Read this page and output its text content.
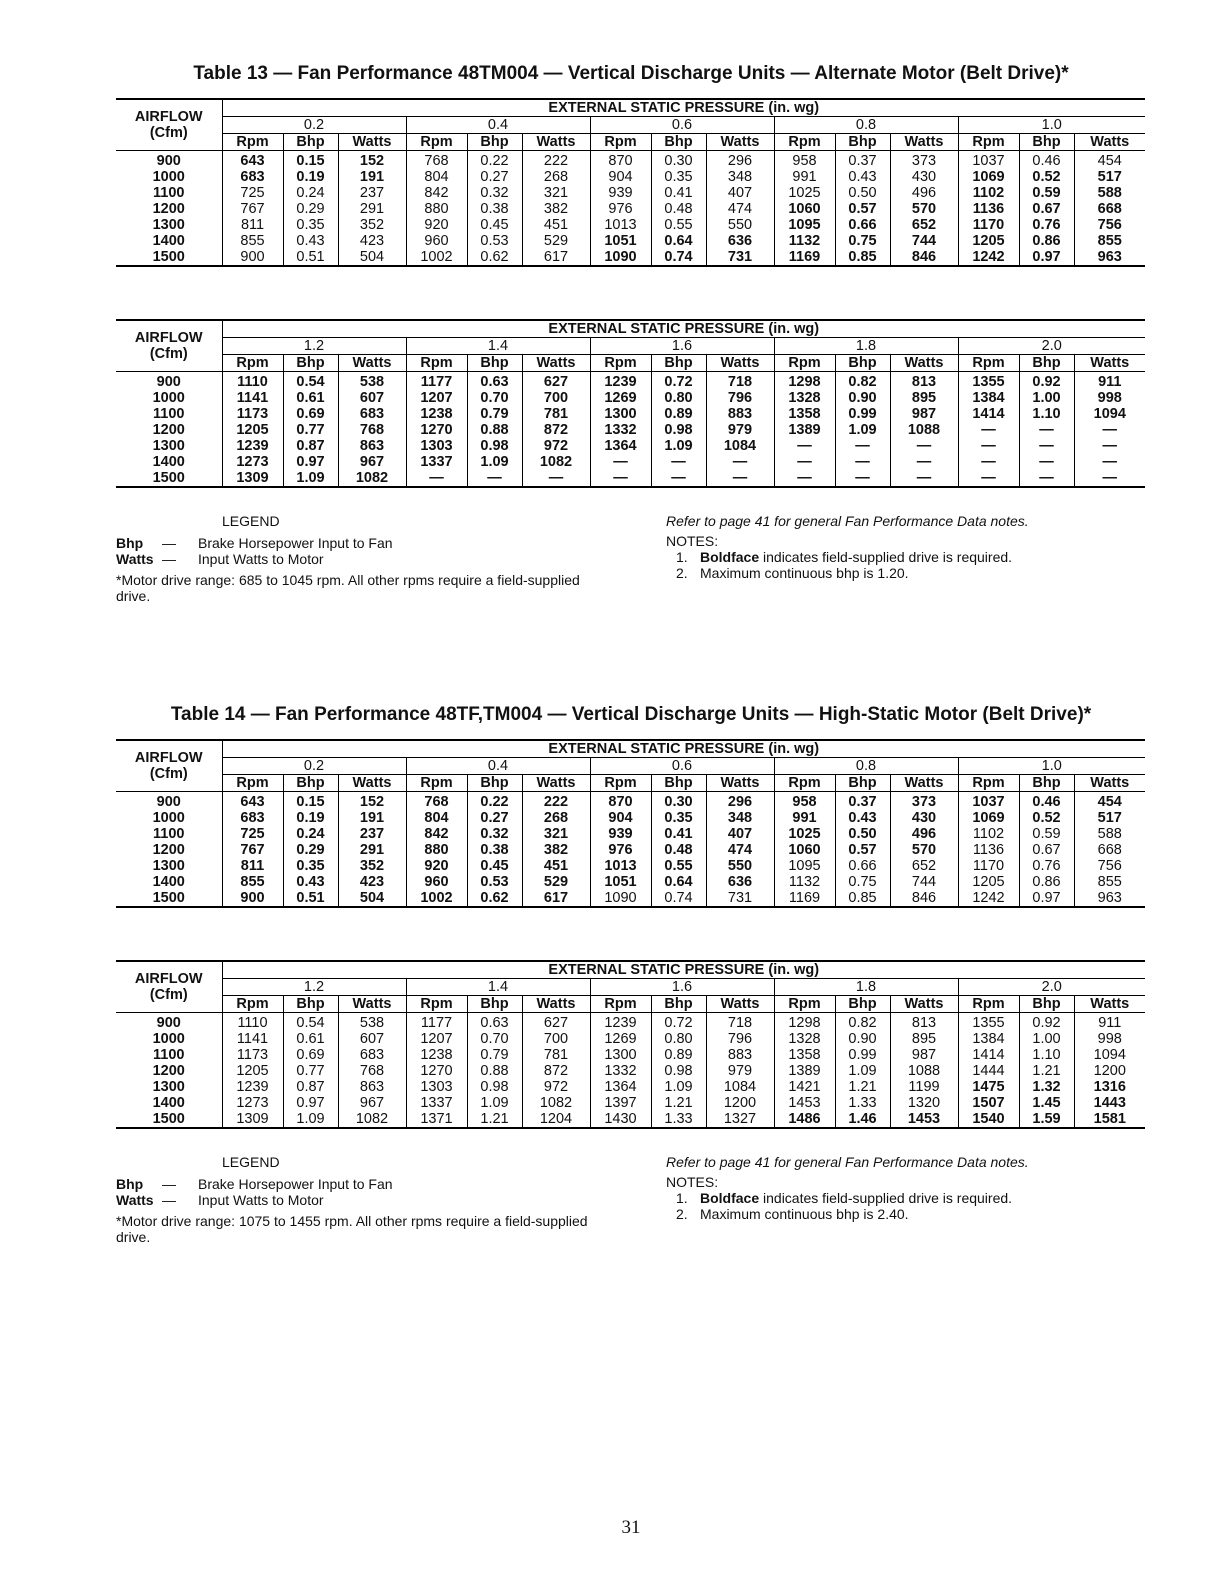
Table 13 — Fan Performance 48TM004 — Vertical Discharge Units — Alternate Motor (Belt Drive)*
AIRFLOW
(Cfm)	EXTERNAL STATIC PRESSURE (in. wg)														
	0.2			0.4			0.6			0.8			1.0		
	Rpm	Bhp	Watts	Rpm	Bhp	Watts	Rpm	Bhp	Watts	Rpm	Bhp	Watts	Rpm	Bhp	Watts
900	643	0.15	152	768	0.22	222	870	0.30	296	958	0.37	373	1037	0.46	454
1000	683	0.19	191	804	0.27	268	904	0.35	348	991	0.43	430	1069	0.52	517
1100	725	0.24	237	842	0.32	321	939	0.41	407	1025	0.50	496	1102	0.59	588
1200	767	0.29	291	880	0.38	382	976	0.48	474	1060	0.57	570	1136	0.67	668
1300	811	0.35	352	920	0.45	451	1013	0.55	550	1095	0.66	652	1170	0.76	756
1400	855	0.43	423	960	0.53	529	1051	0.64	636	1132	0.75	744	1205	0.86	855
1500	900	0.51	504	1002	0.62	617	1090	0.74	731	1169	0.85	846	1242	0.97	963
AIRFLOW
(Cfm)	EXTERNAL STATIC PRESSURE (in. wg)														
	1.2			1.4			1.6			1.8			2.0		
	Rpm	Bhp	Watts	Rpm	Bhp	Watts	Rpm	Bhp	Watts	Rpm	Bhp	Watts	Rpm	Bhp	Watts
900	1110	0.54	538	1177	0.63	627	1239	0.72	718	1298	0.82	813	1355	0.92	911
1000	1141	0.61	607	1207	0.70	700	1269	0.80	796	1328	0.90	895	1384	1.00	998
1100	1173	0.69	683	1238	0.79	781	1300	0.89	883	1358	0.99	987	1414	1.10	1094
1200	1205	0.77	768	1270	0.88	872	1332	0.98	979	1389	1.09	1088	—	—	—
1300	1239	0.87	863	1303	0.98	972	1364	1.09	1084	—	—	—	—	—	—
1400	1273	0.97	967	1337	1.09	1082	—	—	—	—	—	—	—	—	—
1500	1309	1.09	1082	—	—	—	—	—	—	—	—	—	—	—	—
LEGEND
Bhp	—	Brake Horsepower Input to Fan
Watts —	Input Watts to Motor
*Motor drive range: 685 to 1045 rpm. All other rpms require a field-supplied drive.
Refer to page 41 for general Fan Performance Data notes.
NOTES:
1. Boldface indicates field-supplied drive is required.
2. Maximum continuous bhp is 1.20.
Table 14 — Fan Performance 48TF,TM004 — Vertical Discharge Units — High-Static Motor (Belt Drive)*
AIRFLOW
(Cfm)	EXTERNAL STATIC PRESSURE (in. wg)														
	0.2			0.4			0.6			0.8			1.0		
	Rpm	Bhp	Watts	Rpm	Bhp	Watts	Rpm	Bhp	Watts	Rpm	Bhp	Watts	Rpm	Bhp	Watts
900	643	0.15	152	768	0.22	222	870	0.30	296	958	0.37	373	1037	0.46	454
1000	683	0.19	191	804	0.27	268	904	0.35	348	991	0.43	430	1069	0.52	517
1100	725	0.24	237	842	0.32	321	939	0.41	407	1025	0.50	496	1102	0.59	588
1200	767	0.29	291	880	0.38	382	976	0.48	474	1060	0.57	570	1136	0.67	668
1300	811	0.35	352	920	0.45	451	1013	0.55	550	1095	0.66	652	1170	0.76	756
1400	855	0.43	423	960	0.53	529	1051	0.64	636	1132	0.75	744	1205	0.86	855
1500	900	0.51	504	1002	0.62	617	1090	0.74	731	1169	0.85	846	1242	0.97	963
AIRFLOW
(Cfm)	EXTERNAL STATIC PRESSURE (in. wg)														
	1.2			1.4			1.6			1.8			2.0		
	Rpm	Bhp	Watts	Rpm	Bhp	Watts	Rpm	Bhp	Watts	Rpm	Bhp	Watts	Rpm	Bhp	Watts
900	1110	0.54	538	1177	0.63	627	1239	0.72	718	1298	0.82	813	1355	0.92	911
1000	1141	0.61	607	1207	0.70	700	1269	0.80	796	1328	0.90	895	1384	1.00	998
1100	1173	0.69	683	1238	0.79	781	1300	0.89	883	1358	0.99	987	1414	1.10	1094
1200	1205	0.77	768	1270	0.88	872	1332	0.98	979	1389	1.09	1088	1444	1.21	1200
1300	1239	0.87	863	1303	0.98	972	1364	1.09	1084	1421	1.21	1199	1475	1.32	1316
1400	1273	0.97	967	1337	1.09	1082	1397	1.21	1200	1453	1.33	1320	1507	1.45	1443
1500	1309	1.09	1082	1371	1.21	1204	1430	1.33	1327	1486	1.46	1453	1540	1.59	1581
LEGEND
Bhp	—	Brake Horsepower Input to Fan
Watts —	Input Watts to Motor
*Motor drive range: 1075 to 1455 rpm. All other rpms require a field-supplied drive.
Refer to page 41 for general Fan Performance Data notes.
NOTES:
1. Boldface indicates field-supplied drive is required.
2. Maximum continuous bhp is 2.40.
31
